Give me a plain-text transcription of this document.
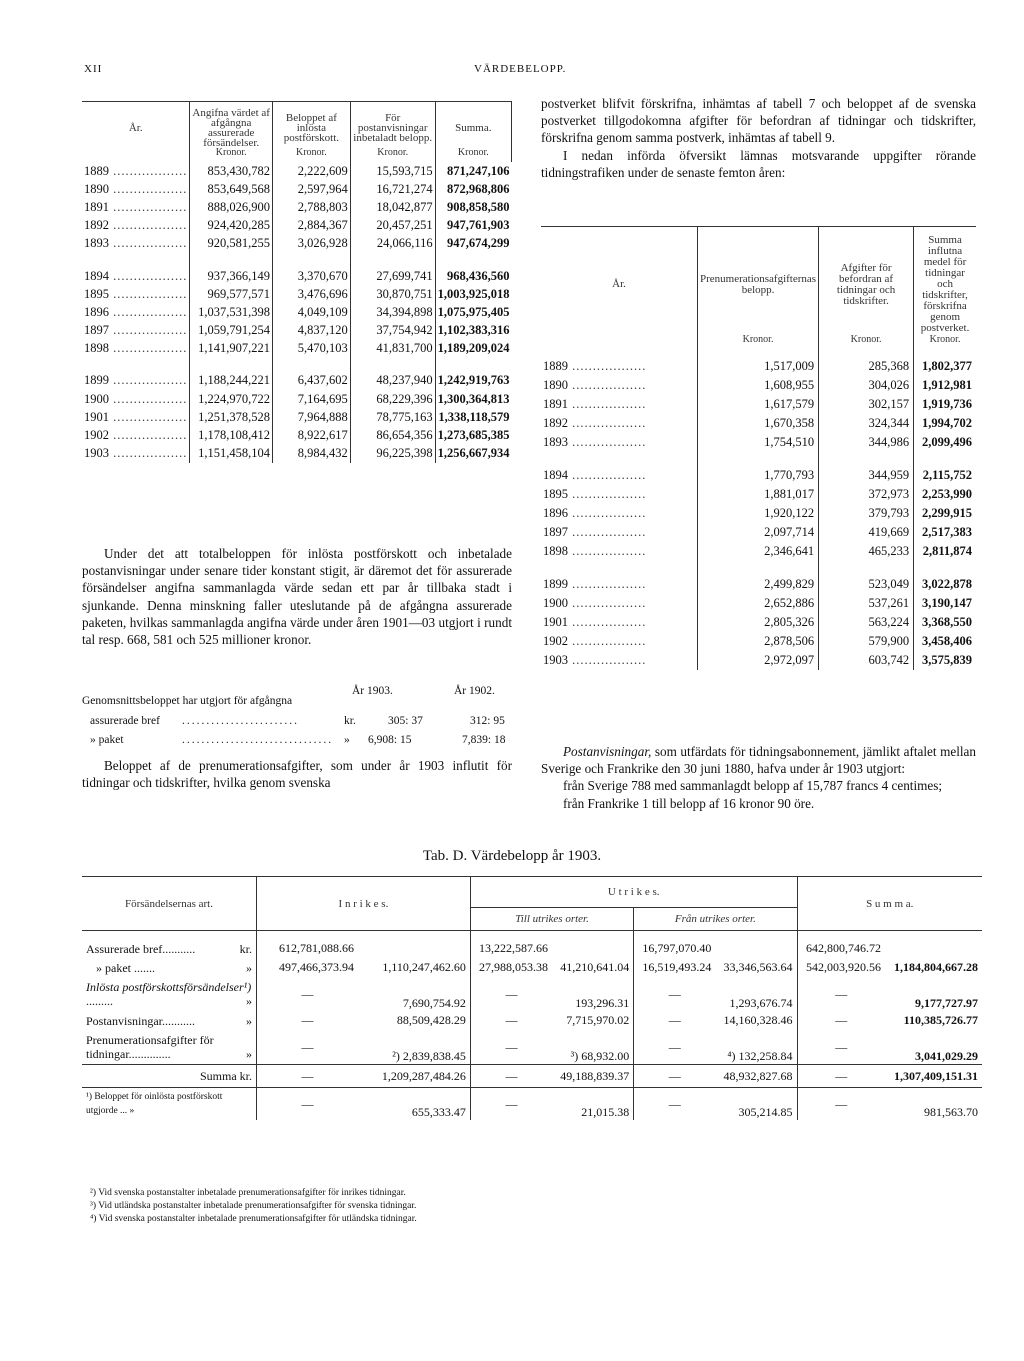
XII	VÄRDEBELOPP.
År.	Angifna värdet af afgångna assurerade försändelser.	Beloppet af inlösta postförskott.	För postanvisningar inbetaladt belopp.	Summa.
	Kronor.	Kronor.	Kronor.	Kronor.
1889 ..................	853,430,782	2,222,609	15,593,715	871,247,106
1890 ..................	853,649,568	2,597,964	16,721,274	872,968,806
1891 ..................	888,026,900	2,788,803	18,042,877	908,858,580
1892 ..................	924,420,285	2,884,367	20,457,251	947,761,903
1893 ..................	920,581,255	3,026,928	24,066,116	947,674,299

1894 ..................	937,366,149	3,370,670	27,699,741	968,436,560
1895 ..................	969,577,571	3,476,696	30,870,751	1,003,925,018
1896 ..................	1,037,531,398	4,049,109	34,394,898	1,075,975,405
1897 ..................	1,059,791,254	4,837,120	37,754,942	1,102,383,316
1898 ..................	1,141,907,221	5,470,103	41,831,700	1,189,209,024

1899 ..................	1,188,244,221	6,437,602	48,237,940	1,242,919,763
1900 ..................	1,224,970,722	7,164,695	68,229,396	1,300,364,813
1901 ..................	1,251,378,528	7,964,888	78,775,163	1,338,118,579
1902 ..................	1,178,108,412	8,922,617	86,654,356	1,273,685,385
1903 ..................	1,151,458,104	8,984,432	96,225,398	1,256,667,934

Under det att totalbeloppen för inlösta postförskott och inbetalade postanvisningar under senare tider konstant stigit, är däremot det för assurerade försändelser angifna sammanlagda värde sedan ett par år tillbaka stadt i sjunkande. Denna minskning faller uteslutande på de afgångna assurerade paketen, hvilkas sammanlagda angifna värde under åren 1901—03 utgjort i rundt tal resp. 668, 581 och 525 millioner kronor.

År 1903.	År 1902.
Genomsnittsbeloppet har utgjort för afgångna
assurerade bref ........................	kr.	305: 37	312: 95
» paket	............................... » 6,908: 15	7,839: 18

Beloppet af de prenumerationsafgifter, som under år 1903 influtit för tidningar och tidskrifter, hvilka genom svenska

postverket blifvit förskrifna, inhämtas af tabell 7 och beloppet af de svenska postverket tillgodokomna afgifter för befordran af tidningar och tidskrifter, förskrifna genom samma postverk, inhämtas af tabell 9.

I nedan införda öfversikt lämnas motsvarande uppgifter rörande tidningstrafiken under de senaste femton åren:

År.	Prenumerationsafgifternas belopp.	Afgifter för befordran af tidningar och tidskrifter.	Summa influtna medel för tidningar och tidskrifter, förskrifna genom postverket.
	Kronor.	Kronor.	Kronor.
1889 ..................	1,517,009	285,368	1,802,377
1890 ..................	1,608,955	304,026	1,912,981
1891 ..................	1,617,579	302,157	1,919,736
1892 ..................	1,670,358	324,344	1,994,702
1893 ..................	1,754,510	344,986	2,099,496

1894 ..................	1,770,793	344,959	2,115,752
1895 ..................	1,881,017	372,973	2,253,990
1896 ..................	1,920,122	379,793	2,299,915
1897 ..................	2,097,714	419,669	2,517,383
1898 ..................	2,346,641	465,233	2,811,874

1899 ..................	2,499,829	523,049	3,022,878
1900 ..................	2,652,886	537,261	3,190,147
1901 ..................	2,805,326	563,224	3,368,550
1902 ..................	2,878,506	579,900	3,458,406
1903 ..................	2,972,097	603,742	3,575,839

Postanvisningar, som utfärdats för tidningsabonnement, jämlikt aftalet mellan Sverige och Frankrike den 30 juni 1880, hafva under år 1903 utgjort:

från Sverige 788 med sammanlagdt belopp af 15,787 francs 4 centimes;

från Frankrike 1 till belopp af 16 kronor 90 öre.

Tab. D. Värdebelopp år 1903.
Försändelsernas art.	I n r i k e s.		U t r i k e s.				S u m m a.	
			Till utrikes orter.		Från utrikes orter.			
Assurerade bref........... kr.	612,781,088.66		13,222,587.66		16,797,070.40		642,800,746.72	
» paket ....... »	497,466,373.94	1,110,247,462.60	27,988,053.38	41,210,641.04	16,519,493.24	33,346,563.64	542,003,920.56	1,184,804,667.28
Inlösta postförskottsförsändelser¹) ......... »	—	7,690,754.92	—	193,296.31	—	1,293,676.74	—	9,177,727.97
Postanvisningar........... »	—	88,509,428.29	—	7,715,970.02	—	14,160,328.46	—	110,385,726.77
Prenumerationsafgifter för tidningar.............. »	—	²) 2,839,838.45	—	³) 68,932.00	—	⁴) 132,258.84	—	3,041,029.29
Summa kr.	—	1,209,287,484.26	—	49,188,839.37	—	48,932,827.68	—	1,307,409,151.31
¹) Beloppet för oinlösta postförskott utgjorde ... »	—	655,333.47	—	21,015.38	—	305,214.85	—	981,563.70
²) Vid svenska postanstalter inbetalade prenumerationsafgifter för inrikes tidningar.
³) Vid utländska postanstalter inbetalade prenumerationsafgifter för svenska tidningar.
⁴) Vid svenska postanstalter inbetalade prenumerationsafgifter för utländska tidningar.
